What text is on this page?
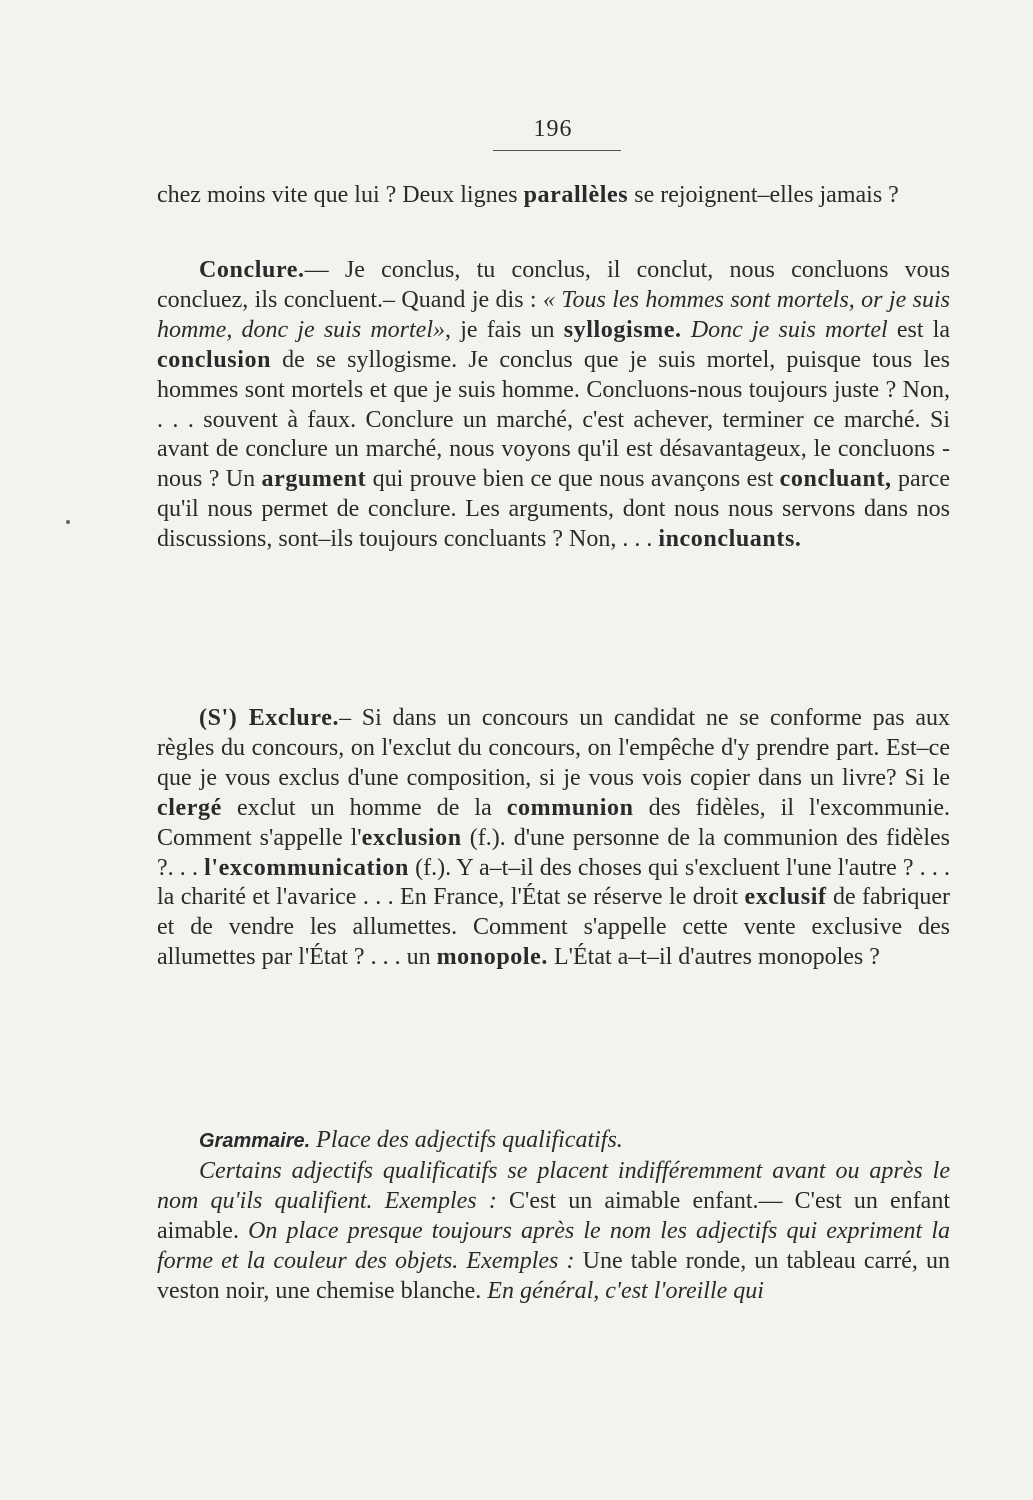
196

chez moins vite que lui ? Deux lignes parallèles se rejoignent–elles jamais ?

Conclure.— Je conclus, tu conclus, il conclut, nous concluons vous concluez, ils concluent.– Quand je dis : « Tous les hommes sont mortels, or je suis homme, donc je suis mortel», je fais un syllogisme. Donc je suis mortel est la conclusion de se syllogisme. Je conclus que je suis mortel, puisque tous les hommes sont mortels et que je suis homme. Concluons-nous toujours juste ? Non, . . . souvent à faux. Conclure un marché, c'est achever, terminer ce marché. Si avant de conclure un marché, nous voyons qu'il est désavantageux, le concluons -nous ? Un argument qui prouve bien ce que nous avançons est concluant, parce qu'il nous permet de conclure. Les arguments, dont nous nous servons dans nos discussions, sont–ils toujours concluants ? Non, . . . inconcluants.

(S') Exclure.– Si dans un concours un candidat ne se conforme pas aux règles du concours, on l'exclut du concours, on l'empêche d'y prendre part. Est–ce que je vous exclus d'une composition, si je vous vois copier dans un livre? Si le clergé exclut un homme de la communion des fidèles, il l'excommunie. Comment s'appelle l'exclusion (f.). d'une personne de la communion des fidèles ?. . . l'excommunication (f.). Y a–t–il des choses qui s'excluent l'une l'autre ? . . . la charité et l'avarice . . . En France, l'État se réserve le droit exclusif de fabriquer et de vendre les allumettes. Comment s'appelle cette vente exclusive des allumettes par l'État ? . . . un monopole. L'État a–t–il d'autres monopoles ?

Grammaire. Place des adjectifs qualificatifs.

Certains adjectifs qualificatifs se placent indifféremment avant ou après le nom qu'ils qualifient. Exemples : C'est un aimable enfant.— C'est un enfant aimable. On place presque toujours après le nom les adjectifs qui expriment la forme et la couleur des objets. Exemples : Une table ronde, un tableau carré, un veston noir, une chemise blanche. En général, c'est l'oreille qui
